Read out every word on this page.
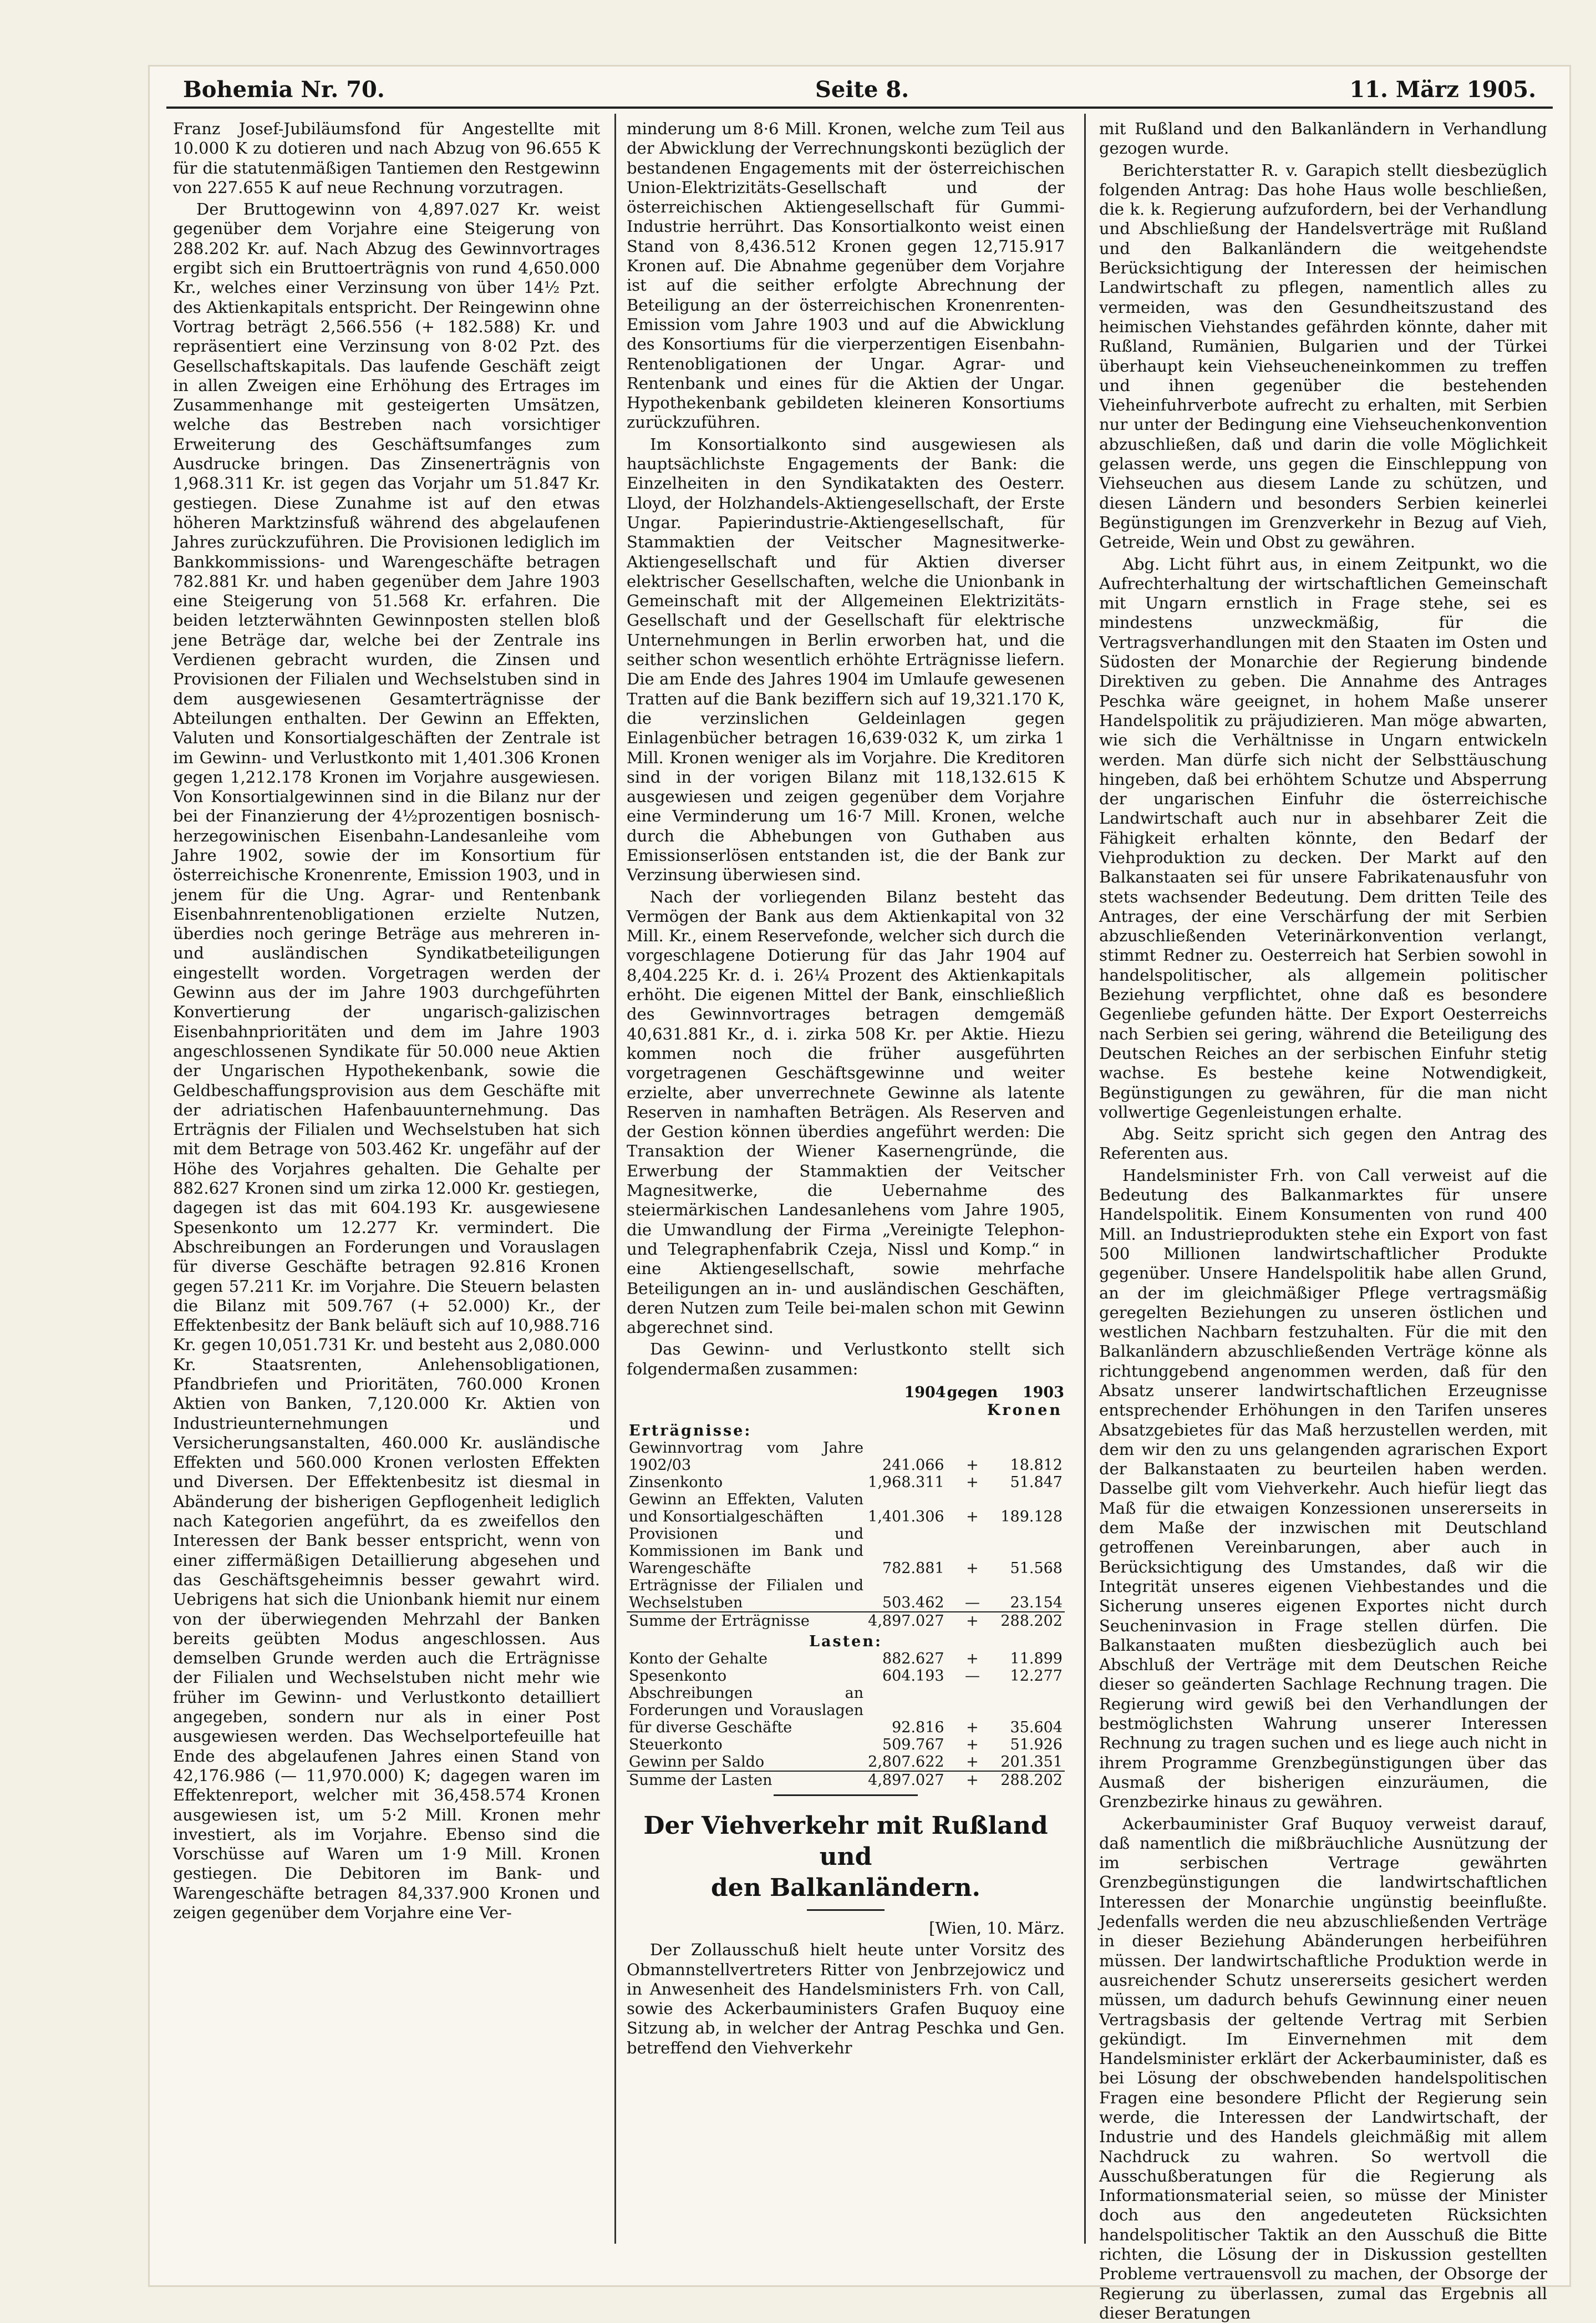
Bohemia Nr. 70.	Seite 8.	11. März 1905.

Franz Josef-Jubiläumsfond für Angestellte mit 10.000 K zu dotieren und nach Abzug von 96.655 K für die statutenmäßigen Tantiemen den Restgewinn von 227.655 K auf neue Rechnung vorzutragen.

Der Bruttogewinn von 4,897.027 Kr. weist gegenüber dem Vorjahre eine Steigerung von 288.202 Kr. auf. Nach Abzug des Gewinnvortrages ergibt sich ein Bruttoerträgnis von rund 4,650.000 Kr., welches einer Verzinsung von über 14½ Pzt. des Aktienkapitals entspricht. Der Reingewinn ohne Vortrag beträgt 2,566.556 (+ 182.588) Kr. und repräsentiert eine Verzinsung von 8·02 Pzt. des Gesellschaftskapitals. Das laufende Geschäft zeigt in allen Zweigen eine Erhöhung des Ertrages im Zusammenhange mit gesteigerten Umsätzen, welche das Bestreben nach vorsichtiger Erweiterung des Geschäftsumfanges zum Ausdrucke bringen. Das Zinsenerträgnis von 1,968.311 Kr. ist gegen das Vorjahr um 51.847 Kr. gestiegen. Diese Zunahme ist auf den etwas höheren Marktzinsfuß während des abgelaufenen Jahres zurückzuführen. Die Provisionen lediglich im Bankkommissions- und Warengeschäfte betragen 782.881 Kr. und haben gegenüber dem Jahre 1903 eine Steigerung von 51.568 Kr. erfahren. Die beiden letzterwähnten Gewinnposten stellen bloß jene Beträge dar, welche bei der Zentrale ins Verdienen gebracht wurden, die Zinsen und Provisionen der Filialen und Wechselstuben sind in dem ausgewiesenen Gesamterträgnisse der Abteilungen enthalten. Der Gewinn an Effekten, Valuten und Konsortialgeschäften der Zentrale ist im Gewinn- und Verlustkonto mit 1,401.306 Kronen gegen 1,212.178 Kronen im Vorjahre ausgewiesen. Von Konsortialgewinnen sind in die Bilanz nur der bei der Finanzierung der 4½prozentigen bosnisch-herzegowinischen Eisenbahn-Landesanleihe vom Jahre 1902, sowie der im Konsortium für österreichische Kronenrente, Emission 1903, und in jenem für die Ung. Agrar- und Rentenbank Eisenbahnrentenobligationen erzielte Nutzen, überdies noch geringe Beträge aus mehreren in- und ausländischen Syndikatbeteiligungen eingestellt worden. Vorgetragen werden der Gewinn aus der im Jahre 1903 durchgeführten Konvertierung der ungarisch-galizischen Eisenbahnprioritäten und dem im Jahre 1903 angeschlossenen Syndikate für 50.000 neue Aktien der Ungarischen Hypothekenbank, sowie die Geldbeschaffungsprovision aus dem Geschäfte mit der adriatischen Hafenbauunternehmung. Das Erträgnis der Filialen und Wechselstuben hat sich mit dem Betrage von 503.462 Kr. ungefähr auf der Höhe des Vorjahres gehalten. Die Gehalte per 882.627 Kronen sind um zirka 12.000 Kr. gestiegen, dagegen ist das mit 604.193 Kr. ausgewiesene Spesenkonto um 12.277 Kr. vermindert. Die Abschreibungen an Forderungen und Vorauslagen für diverse Geschäfte betragen 92.816 Kronen gegen 57.211 Kr. im Vorjahre. Die Steuern belasten die Bilanz mit 509.767 (+ 52.000) Kr., der Effektenbesitz der Bank beläuft sich auf 10,988.716 Kr. gegen 10,051.731 Kr. und besteht aus 2,080.000 Kr. Staatsrenten, Anlehensobligationen, Pfandbriefen und Prioritäten, 760.000 Kronen Aktien von Banken, 7,120.000 Kr. Aktien von Industrieunternehmungen und Versicherungsanstalten, 460.000 Kr. ausländische Effekten und 560.000 Kronen verlosten Effekten und Diversen. Der Effektenbesitz ist diesmal in Abänderung der bisherigen Gepflogenheit lediglich nach Kategorien angeführt, da es zweifellos den Interessen der Bank besser entspricht, wenn von einer ziffermäßigen Detaillierung abgesehen und das Geschäftsgeheimnis besser gewahrt wird. Uebrigens hat sich die Unionbank hiemit nur einem von der überwiegenden Mehrzahl der Banken bereits geübten Modus angeschlossen. Aus demselben Grunde werden auch die Erträgnisse der Filialen und Wechselstuben nicht mehr wie früher im Gewinn- und Verlustkonto detailliert angegeben, sondern nur als in einer Post ausgewiesen werden. Das Wechselportefeuille hat Ende des abgelaufenen Jahres einen Stand von 42,176.986 (— 11,970.000) K; dagegen waren im Effektenreport, welcher mit 36,458.574 Kronen ausgewiesen ist, um 5·2 Mill. Kronen mehr investiert, als im Vorjahre. Ebenso sind die Vorschüsse auf Waren um 1·9 Mill. Kronen gestiegen. Die Debitoren im Bank- und Warengeschäfte betragen 84,337.900 Kronen und zeigen gegenüber dem Vorjahre eine Ver-

minderung um 8·6 Mill. Kronen, welche zum Teil aus der Abwicklung der Verrechnungskonti bezüglich der bestandenen Engagements mit der österreichischen Union-Elektrizitäts-Gesellschaft und der österreichischen Aktiengesellschaft für Gummi-Industrie herrührt. Das Konsortialkonto weist einen Stand von 8,436.512 Kronen gegen 12,715.917 Kronen auf. Die Abnahme gegenüber dem Vorjahre ist auf die seither erfolgte Abrechnung der Beteiligung an der österreichischen Kronenrenten-Emission vom Jahre 1903 und auf die Abwicklung des Konsortiums für die vierperzentigen Eisenbahn-Rentenobligationen der Ungar. Agrar- und Rentenbank und eines für die Aktien der Ungar. Hypothekenbank gebildeten kleineren Konsortiums zurückzuführen.

Im Konsortialkonto sind ausgewiesen als hauptsächlichste Engagements der Bank: die Einzelheiten in den Syndikatakten des Oesterr. Lloyd, der Holzhandels-Aktiengesellschaft, der Erste Ungar. Papierindustrie-Aktiengesellschaft, für Stammaktien der Veitscher Magnesitwerke-Aktiengesellschaft und für Aktien diverser elektrischer Gesellschaften, welche die Unionbank in Gemeinschaft mit der Allgemeinen Elektrizitäts-Gesellschaft und der Gesellschaft für elektrische Unternehmungen in Berlin erworben hat, und die seither schon wesentlich erhöhte Erträgnisse liefern. Die am Ende des Jahres 1904 im Umlaufe gewesenen Tratten auf die Bank beziffern sich auf 19,321.170 K, die verzinslichen Geldeinlagen gegen Einlagenbücher betragen 16,639·032 K, um zirka 1 Mill. Kronen weniger als im Vorjahre. Die Kreditoren sind in der vorigen Bilanz mit 118,132.615 K ausgewiesen und zeigen gegenüber dem Vorjahre eine Verminderung um 16·7 Mill. Kronen, welche durch die Abhebungen von Guthaben aus Emissionserlösen entstanden ist, die der Bank zur Verzinsung überwiesen sind.

Nach der vorliegenden Bilanz besteht das Vermögen der Bank aus dem Aktienkapital von 32 Mill. Kr., einem Reservefonde, welcher sich durch die vorgeschlagene Dotierung für das Jahr 1904 auf 8,404.225 Kr. d. i. 26¼ Prozent des Aktienkapitals erhöht. Die eigenen Mittel der Bank, einschließlich des Gewinnvortrages betragen demgemäß 40,631.881 Kr., d. i. zirka 508 Kr. per Aktie. Hiezu kommen noch die früher ausgeführten vorgetragenen Geschäftsgewinne und weiter erzielte, aber unverrechnete Gewinne als latente Reserven in namhaften Beträgen. Als Reserven and der Gestion können überdies angeführt werden: Die Transaktion der Wiener Kasernengründe, die Erwerbung der Stammaktien der Veitscher Magnesitwerke, die Uebernahme des steiermärkischen Landesanlehens vom Jahre 1905, die Umwandlung der Firma „Vereinigte Telephon- und Telegraphenfabrik Czeja, Nissl und Komp.“ in eine Aktiengesellschaft, sowie mehrfache Beteiligungen an in- und ausländischen Geschäften, deren Nutzen zum Teile bei-malen schon mit Gewinn abgerechnet sind.

Das Gewinn- und Verlustkonto stellt sich folgendermaßen zusammen:

	1904	gegen	1903
Kronen			
Erträgnisse:			
Gewinnvortrag vom Jahre 1902/03	241.066	+	18.812
Zinsenkonto	1,968.311	+	51.847
Gewinn an Effekten, Valuten und Konsortialgeschäften	1,401.306	+	189.128
Provisionen und Kommissionen im Bank und Warengeschäfte	782.881	+	51.568
Erträgnisse der Filialen und Wechselstuben	503.462	—	23.154
Summe der Erträgnisse	4,897.027	+	288.202
Lasten:			
Konto der Gehalte	882.627	+	11.899
Spesenkonto	604.193	—	12.277
Abschreibungen an Forderungen und Vorauslagen für diverse Geschäfte	92.816	+	35.604
Steuerkonto	509.767	+	51.926
Gewinn per Saldo	2,807.622	+	201.351
Summe der Lasten	4,897.027	+	288.202
Der Viehverkehr mit Rußland und
den Balkanländern.

[Wien, 10. März.

Der Zollausschuß hielt heute unter Vorsitz des Obmannstellvertreters Ritter von Jenbrzejowicz und in Anwesenheit des Handelsministers Frh. von Call, sowie des Ackerbauministers Grafen Buquoy eine Sitzung ab, in welcher der Antrag Peschka und Gen. betreffend den Viehverkehr

mit Rußland und den Balkanländern in Verhandlung gezogen wurde.

Berichterstatter R. v. Garapich stellt diesbezüglich folgenden Antrag: Das hohe Haus wolle beschließen, die k. k. Regierung aufzufordern, bei der Verhandlung und Abschließung der Handelsverträge mit Rußland und den Balkanländern die weitgehendste Berücksichtigung der Interessen der heimischen Landwirtschaft zu pflegen, namentlich alles zu vermeiden, was den Gesundheitszustand des heimischen Viehstandes gefährden könnte, daher mit Rußland, Rumänien, Bulgarien und der Türkei überhaupt kein Viehseucheneinkommen zu treffen und ihnen gegenüber die bestehenden Vieheinfuhrverbote aufrecht zu erhalten, mit Serbien nur unter der Bedingung eine Viehseuchenkonvention abzuschließen, daß und darin die volle Möglichkeit gelassen werde, uns gegen die Einschleppung von Viehseuchen aus diesem Lande zu schützen, und diesen Ländern und besonders Serbien keinerlei Begünstigungen im Grenzverkehr in Bezug auf Vieh, Getreide, Wein und Obst zu gewähren.

Abg. Licht führt aus, in einem Zeitpunkt, wo die Aufrechterhaltung der wirtschaftlichen Gemeinschaft mit Ungarn ernstlich in Frage stehe, sei es mindestens unzweckmäßig, für die Vertragsverhandlungen mit den Staaten im Osten und Südosten der Monarchie der Regierung bindende Direktiven zu geben. Die Annahme des Antrages Peschka wäre geeignet, in hohem Maße unserer Handelspolitik zu präjudizieren. Man möge abwarten, wie sich die Verhältnisse in Ungarn entwickeln werden. Man dürfe sich nicht der Selbsttäuschung hingeben, daß bei erhöhtem Schutze und Absperrung der ungarischen Einfuhr die österreichische Landwirtschaft auch nur in absehbarer Zeit die Fähigkeit erhalten könnte, den Bedarf der Viehproduktion zu decken. Der Markt auf den Balkanstaaten sei für unsere Fabrikatenausfuhr von stets wachsender Bedeutung. Dem dritten Teile des Antrages, der eine Verschärfung der mit Serbien abzuschließenden Veterinärkonvention verlangt, stimmt Redner zu. Oesterreich hat Serbien sowohl in handelspolitischer, als allgemein politischer Beziehung verpflichtet, ohne daß es besondere Gegenliebe gefunden hätte. Der Export Oesterreichs nach Serbien sei gering, während die Beteiligung des Deutschen Reiches an der serbischen Einfuhr stetig wachse. Es bestehe keine Notwendigkeit, Begünstigungen zu gewähren, für die man nicht vollwertige Gegenleistungen erhalte.

Abg. Seitz spricht sich gegen den Antrag des Referenten aus.

Handelsminister Frh. von Call verweist auf die Bedeutung des Balkanmarktes für unsere Handelspolitik. Einem Konsumenten von rund 400 Mill. an Industrieprodukten stehe ein Export von fast 500 Millionen landwirtschaftlicher Produkte gegenüber. Unsere Handelspolitik habe allen Grund, an der im gleichmäßiger Pflege vertragsmäßig geregelten Beziehungen zu unseren östlichen und westlichen Nachbarn festzuhalten. Für die mit den Balkanländern abzuschließenden Verträge könne als richtunggebend angenommen werden, daß für den Absatz unserer landwirtschaftlichen Erzeugnisse entsprechender Erhöhungen in den Tarifen unseres Absatzgebietes für das Maß herzustellen werden, mit dem wir den zu uns gelangenden agrarischen Export der Balkanstaaten zu beurteilen haben werden. Dasselbe gilt vom Viehverkehr. Auch hiefür liegt das Maß für die etwaigen Konzessionen unsererseits in dem Maße der inzwischen mit Deutschland getroffenen Vereinbarungen, aber auch in Berücksichtigung des Umstandes, daß wir die Integrität unseres eigenen Viehbestandes und die Sicherung unseres eigenen Exportes nicht durch Seucheninvasion in Frage stellen dürfen. Die Balkanstaaten mußten diesbezüglich auch bei Abschluß der Verträge mit dem Deutschen Reiche dieser so geänderten Sachlage Rechnung tragen. Die Regierung wird gewiß bei den Verhandlungen der bestmöglichsten Wahrung unserer Interessen Rechnung zu tragen suchen und es liege auch nicht in ihrem Programme Grenzbegünstigungen über das Ausmaß der bisherigen einzuräumen, die Grenzbezirke hinaus zu gewähren.

Ackerbauminister Graf Buquoy verweist darauf, daß namentlich die mißbräuchliche Ausnützung der im serbischen Vertrage gewährten Grenzbegünstigungen die landwirtschaftlichen Interessen der Monarchie ungünstig beeinflußte. Jedenfalls werden die neu abzuschließenden Verträge in dieser Beziehung Abänderungen herbeiführen müssen. Der landwirtschaftliche Produktion werde in ausreichender Schutz unsererseits gesichert werden müssen, um dadurch behufs Gewinnung einer neuen Vertragsbasis der geltende Vertrag mit Serbien gekündigt. Im Einvernehmen mit dem Handelsminister erklärt der Ackerbauminister, daß es bei Lösung der obschwebenden handelspolitischen Fragen eine besondere Pflicht der Regierung sein werde, die Interessen der Landwirtschaft, der Industrie und des Handels gleichmäßig mit allem Nachdruck zu wahren. So wertvoll die Ausschußberatungen für die Regierung als Informationsmaterial seien, so müsse der Minister doch aus den angedeuteten Rücksichten handelspolitischer Taktik an den Ausschuß die Bitte richten, die Lösung der in Diskussion gestellten Probleme vertrauensvoll zu machen, der Obsorge der Regierung zu überlassen, zumal das Ergebnis all dieser Beratungen
